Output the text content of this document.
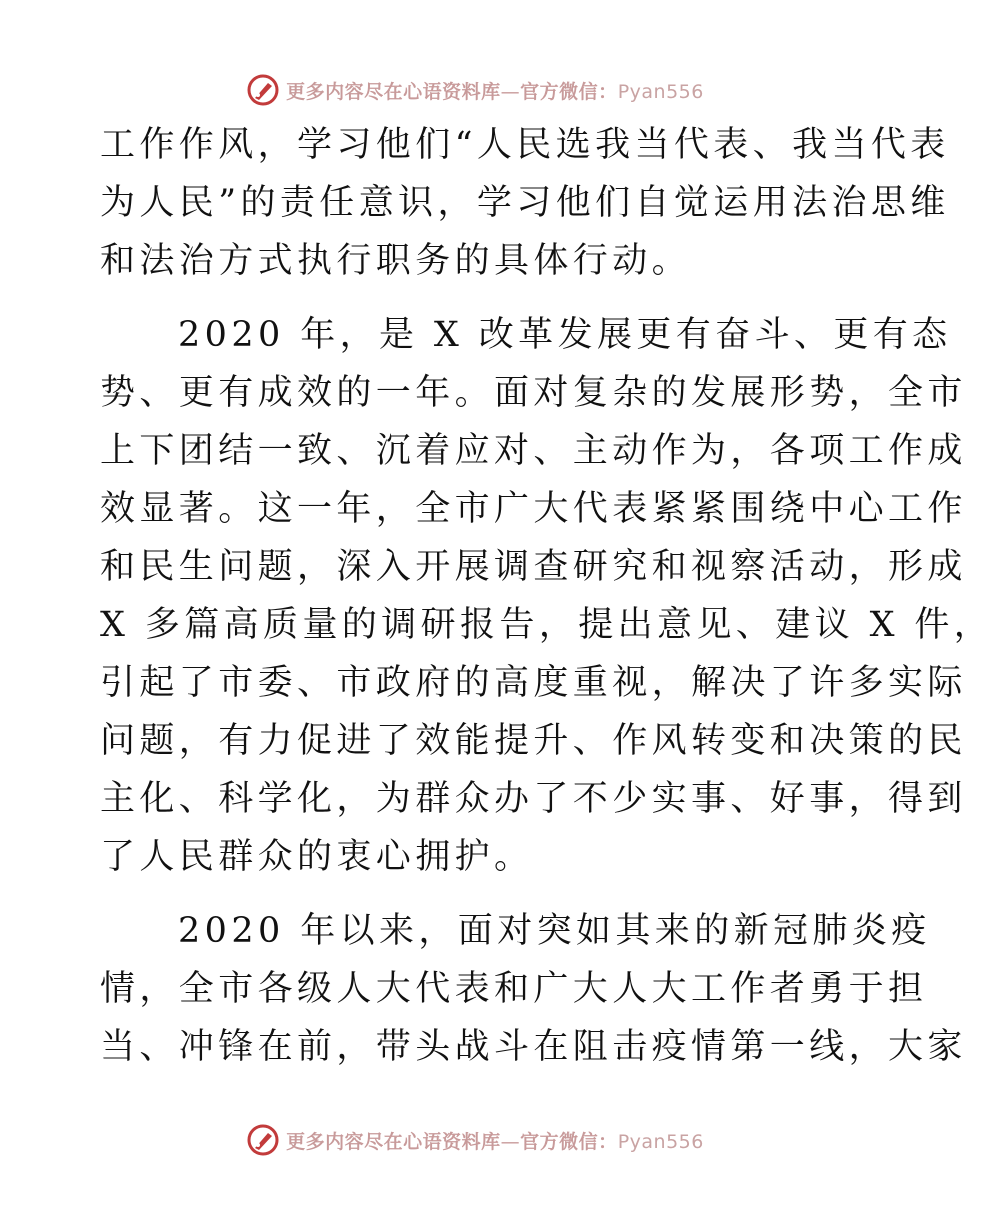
更多内容尽在心语资料库—官方微信：Pyan556
工作作风，学习他们“人民选我当代表、我当代表
为人民”的责任意识，学习他们自觉运用法治思维
和法治方式执行职务的具体行动。
2020 年，是 X 改革发展更有奋斗、更有态
势、更有成效的一年。面对复杂的发展形势，全市
上下团结一致、沉着应对、主动作为，各项工作成
效显著。这一年，全市广大代表紧紧围绕中心工作
和民生问题，深入开展调查研究和视察活动，形成
X 多篇高质量的调研报告，提出意见、建议 X 件，
引起了市委、市政府的高度重视，解决了许多实际
问题，有力促进了效能提升、作风转变和决策的民
主化、科学化，为群众办了不少实事、好事，得到
了人民群众的衷心拥护。
2020 年以来，面对突如其来的新冠肺炎疫
情，全市各级人大代表和广大人大工作者勇于担
当、冲锋在前，带头战斗在阻击疫情第一线，大家
更多内容尽在心语资料库—官方微信：Pyan556
